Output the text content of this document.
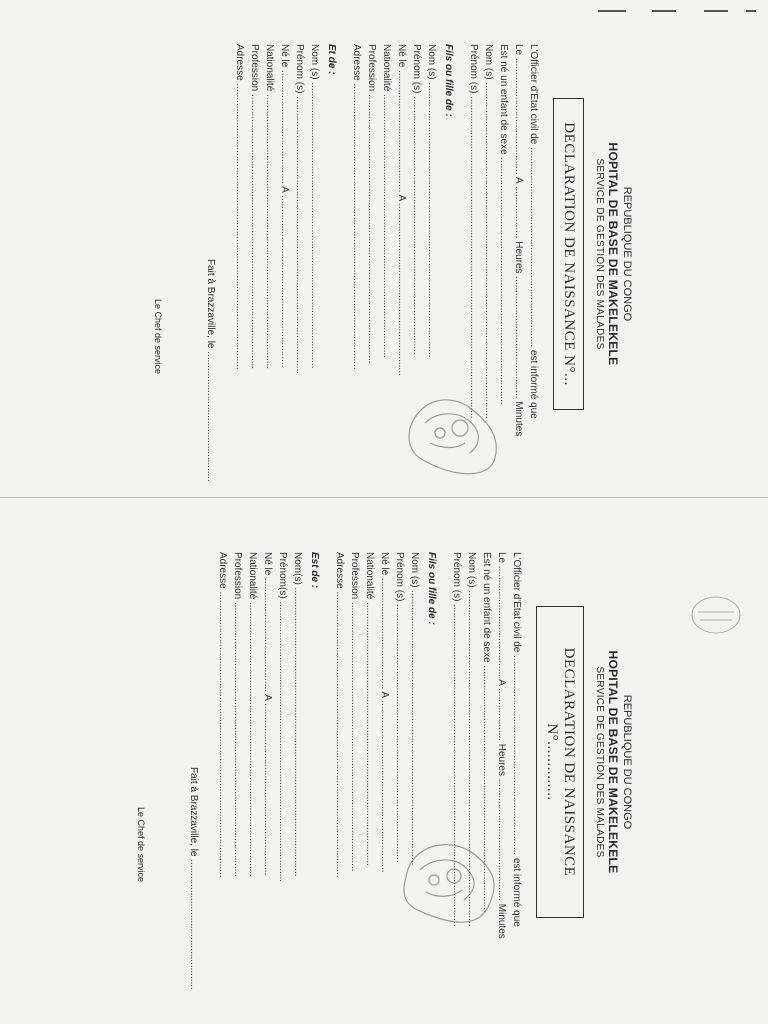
REPUBLIQUE DU CONGO
HOPITAL DE BASE DE MAKELEKELE
SERVICE DE GESTION DES MALADES
DECLARATION DE NAISSANCE N°...
L'Officier d'Etat civil de ........................................................................ est informé que
Le .......................................... A ................... Heures ............................................ Minutes
Est né un enfant de sexe .........................................................................................
Nom (s) .........................................................................................................................
Prénom (s) ....................................................................................................................
Fils ou fille de :
Nom (s) ...................................................................................................
Prénom (s) .............................................................................................
Né le ............................................ A ..............................................................
Nationalité ...............................................................................................
Profession .................................................................................................
Adresse .......................................................................................................
Et de :
Nom (s) .......................................................................................................
Prénom (s) ....................................................................................................
Né le ......................................... A ..............................................................
Nationalité ...................................................................................................
Profession ...................................................................................................
Adresse .......................................................................................................
Fait à Brazzaville, le ...............................................
Le Chef de service
REPUBLIQUE DU CONGO
HOPITAL DE BASE DE MAKELEKELE
SERVICE DE GESTION DES MALADES
DECLARATION DE NAISSANCE N°..............
L'Officier d'Etat civil de ........................................................................ est informé que
Le ........................................ A ................... Heures ............................................ Minutes
Est né un enfant de sexe .........................................................................................
Nom (s) .........................................................................................................................
Prénom (s) ....................................................................................................................
Fils ou fille de :
Nom (s) ...................................................................................................
Prénom (s) .............................................................................................
Né le ........................................ A ..............................................................
Nationalité ...............................................................................................
Profession .................................................................................................
Adresse .......................................................................................................
Est de :
Nom(s) ........................................................................................................
Prénom(s) .....................................................................................................
Né le ......................................... A ..............................................................
Nationalité ...................................................................................................
Profession ...................................................................................................
Adresse .......................................................................................................
Fait à Brazzaville, le ...............................................
Le Chef de service
